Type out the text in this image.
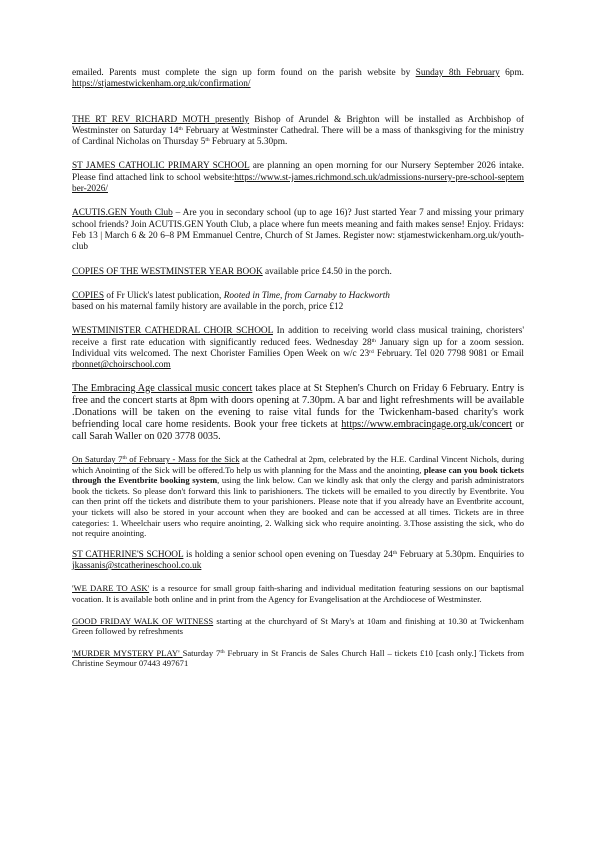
emailed. Parents must complete the sign up form found on the parish website by Sunday 8th February 6pm. https://stjamestwickenham.org.uk/confirmation/

THE RT REV RICHARD MOTH presently Bishop of Arundel & Brighton will be installed as Archbishop of Westminster on Saturday 14th February at Westminster Cathedral. There will be a mass of thanksgiving for the ministry of Cardinal Nicholas on Thursday 5th February at 5.30pm.

ST JAMES CATHOLIC PRIMARY SCHOOL are planning an open morning for our Nursery September 2026 intake. Please find attached link to school website:https://www.st-james.richmond.sch.uk/admissions-nursery-pre-school-september-2026/

ACUTIS.GEN Youth Club – Are you in secondary school (up to age 16)? Just started Year 7 and missing your primary school friends? Join ACUTIS.GEN Youth Club, a place where fun meets meaning and faith makes sense! Enjoy. Fridays: Feb 13 | March 6 & 20 6–8 PM Emmanuel Centre, Church of St James. Register now: stjamestwickenham.org.uk/youth-club

COPIES OF THE WESTMINSTER YEAR BOOK available price £4.50 in the porch.

COPIES of Fr Ulick's latest publication, Rooted in Time, from Carnaby to Hackworth
based on his maternal family history are available in the porch, price £12

WESTMINISTER CATHEDRAL CHOIR SCHOOL In addition to receiving world class musical training, choristers' receive a first rate education with significantly reduced fees. Wednesday 28th January sign up for a zoom session. Individual vits welcomed. The next Chorister Families Open Week on w/c 23rd February. Tel 020 7798 9081 or Email rbonnet@choirschool.com

The Embracing Age classical music concert takes place at St Stephen's Church on Friday 6 February. Entry is free and the concert starts at 8pm with doors opening at 7.30pm. A bar and light refreshments will be available .Donations will be taken on the evening to raise vital funds for the Twickenham-based charity's work befriending local care home residents. Book your free tickets at https://www.embracingage.org.uk/concert or call Sarah Waller on 020 3778 0035.

On Saturday 7th of February - Mass for the Sick at the Cathedral at 2pm, celebrated by the H.E. Cardinal Vincent Nichols, during which Anointing of the Sick will be offered.To help us with planning for the Mass and the anointing, please can you book tickets through the Eventbrite booking system, using the link below. Can we kindly ask that only the clergy and parish administrators book the tickets. So please don't forward this link to parishioners. The tickets will be emailed to you directly by Eventbrite. You can then print off the tickets and distribute them to your parishioners. Please note that if you already have an Eventbrite account, your tickets will also be stored in your account when they are booked and can be accessed at all times. Tickets are in three categories: 1. Wheelchair users who require anointing, 2. Walking sick who require anointing. 3.Those assisting the sick, who do not require anointing.

ST CATHERINE'S SCHOOL is holding a senior school open evening on Tuesday 24th February at 5.30pm. Enquiries to jkassanis@stcatherineschool.co.uk

'WE DARE TO ASK' is a resource for small group faith-sharing and individual meditation featuring sessions on our baptismal vocation. It is available both online and in print from the Agency for Evangelisation at the Archdiocese of Westminster.

GOOD FRIDAY WALK OF WITNESS starting at the churchyard of St Mary's at 10am and finishing at 10.30 at Twickenham Green followed by refreshments

'MURDER MYSTERY PLAY' Saturday 7th February in St Francis de Sales Church Hall – tickets £10 [cash only.] Tickets from Christine Seymour 07443 497671
